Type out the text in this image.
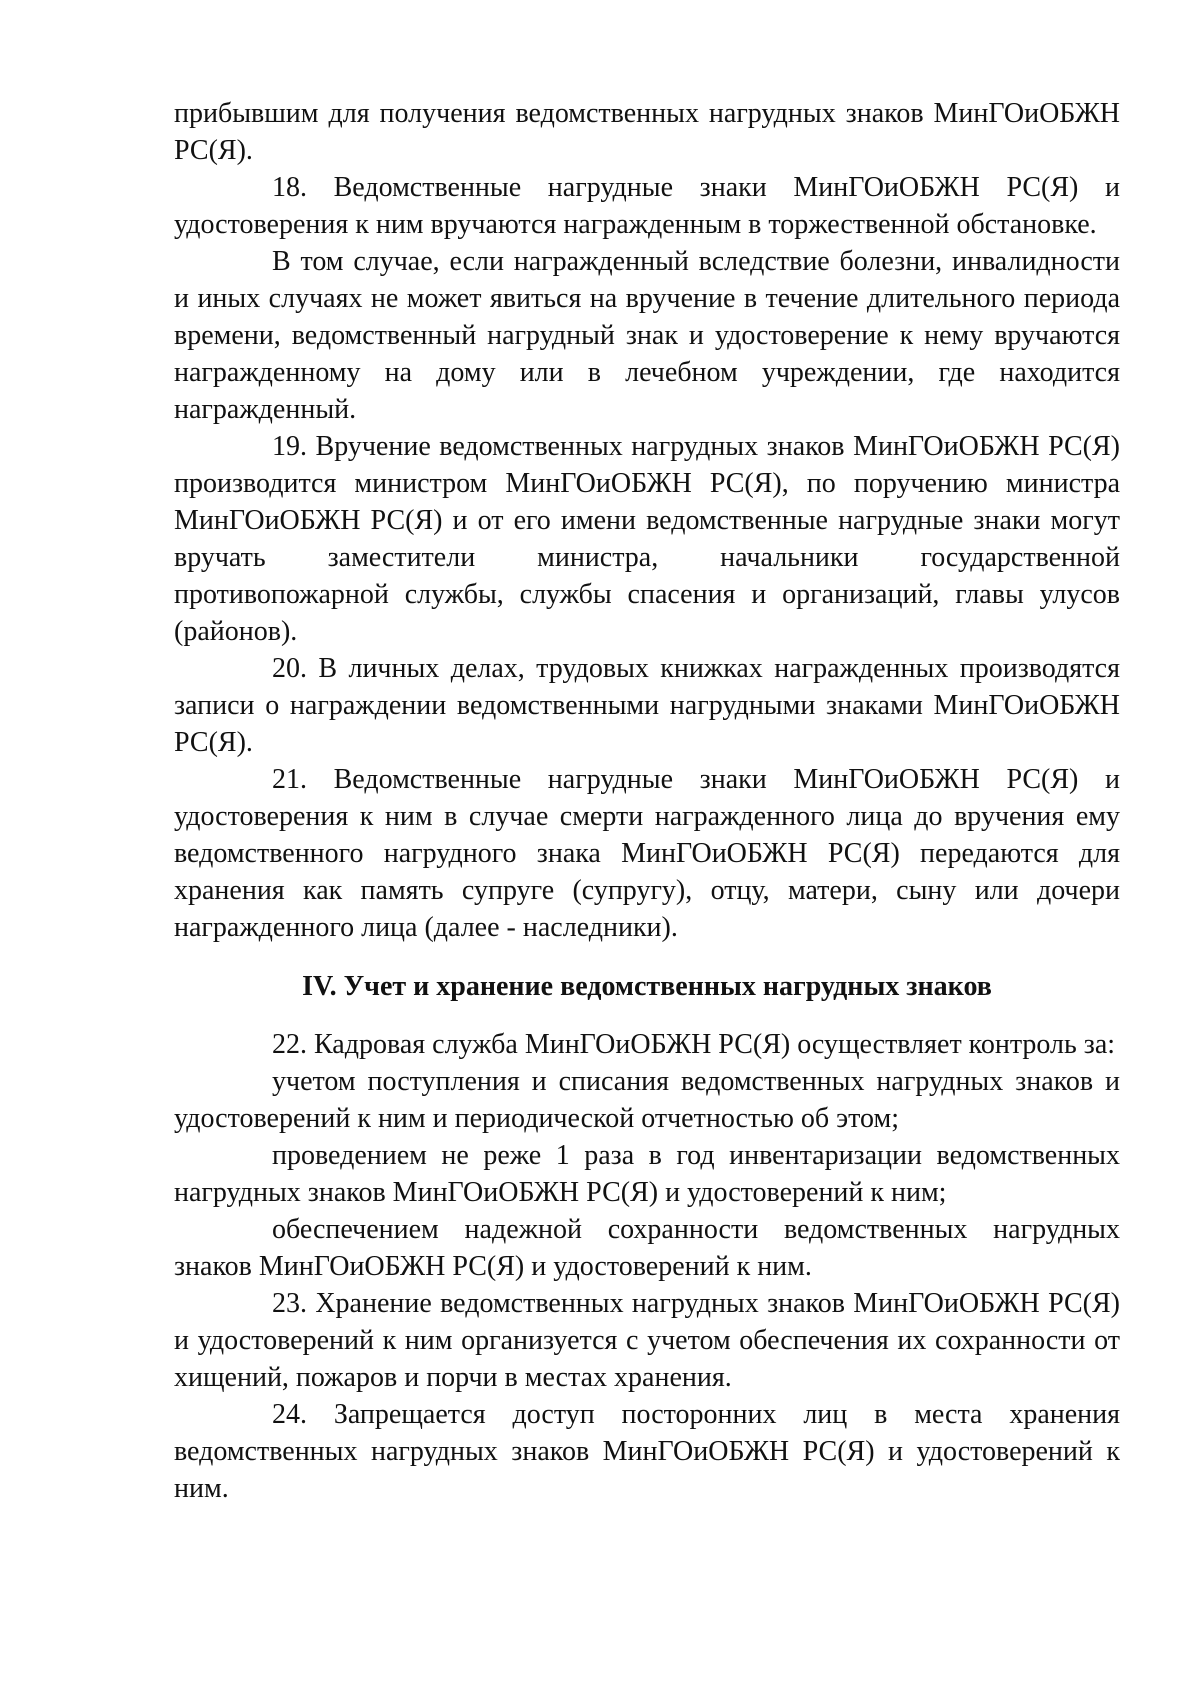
прибывшим для получения ведомственных нагрудных знаков МинГОиОБЖН РС(Я).

18. Ведомственные нагрудные знаки МинГОиОБЖН РС(Я) и удостоверения к ним вручаются награжденным в торжественной обстановке.

В том случае, если награжденный вследствие болезни, инвалидности и иных случаях не может явиться на вручение в течение длительного периода времени, ведомственный нагрудный знак и удостоверение к нему вручаются награжденному на дому или в лечебном учреждении, где находится награжденный.

19. Вручение ведомственных нагрудных знаков МинГОиОБЖН РС(Я) производится министром МинГОиОБЖН РС(Я), по поручению министра МинГОиОБЖН РС(Я) и от его имени ведомственные нагрудные знаки могут вручать заместители министра, начальники государственной противопожарной службы, службы спасения и организаций, главы улусов (районов).

20. В личных делах, трудовых книжках награжденных производятся записи о награждении ведомственными нагрудными знаками МинГОиОБЖН РС(Я).

21. Ведомственные нагрудные знаки МинГОиОБЖН РС(Я) и удостоверения к ним в случае смерти награжденного лица до вручения ему ведомственного нагрудного знака МинГОиОБЖН РС(Я) передаются для хранения как память супруге (супругу), отцу, матери, сыну или дочери награжденного лица (далее - наследники).

IV. Учет и хранение ведомственных нагрудных знаков

22. Кадровая служба МинГОиОБЖН РС(Я) осуществляет контроль за:

учетом поступления и списания ведомственных нагрудных знаков и удостоверений к ним и периодической отчетностью об этом;

проведением не реже 1 раза в год инвентаризации ведомственных нагрудных знаков МинГОиОБЖН РС(Я) и удостоверений к ним;

обеспечением надежной сохранности ведомственных нагрудных знаков МинГОиОБЖН РС(Я) и удостоверений к ним.

23. Хранение ведомственных нагрудных знаков МинГОиОБЖН РС(Я) и удостоверений к ним организуется с учетом обеспечения их сохранности от хищений, пожаров и порчи в местах хранения.

24. Запрещается доступ посторонних лиц в места хранения ведомственных нагрудных знаков МинГОиОБЖН РС(Я) и удостоверений к ним.
